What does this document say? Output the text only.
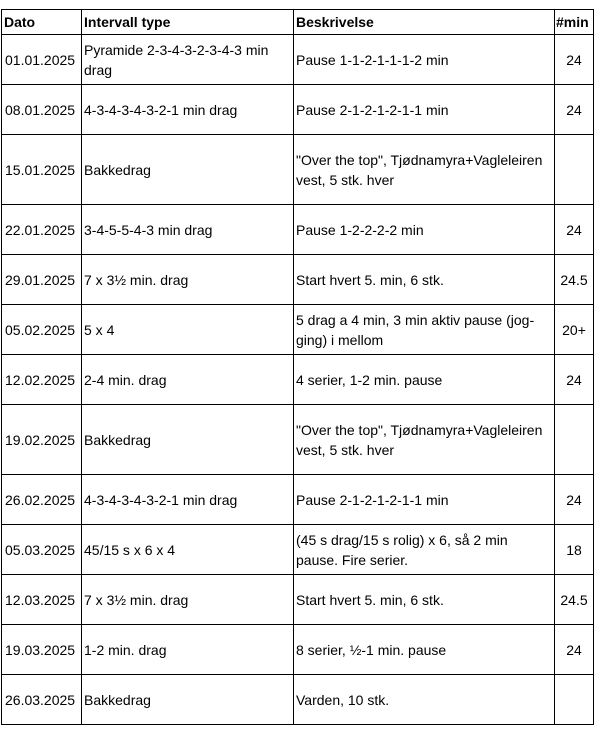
Dato	Intervall type	Beskrivelse	#min
01.01.2025	Pyramide 2-3-4-3-2-3-4-3 min drag	Pause 1-1-2-1-1-1-2 min	24
08.01.2025	4-3-4-3-4-3-2-1 min drag	Pause 2-1-2-1-2-1-1 min	24
15.01.2025	Bakkedrag	"Over the top", Tjødnamyra+Vagleleiren vest, 5 stk. hver	
22.01.2025	3-4-5-5-4-3 min drag	Pause 1-2-2-2-2 min	24
29.01.2025	7 x 3½ min. drag	Start hvert 5. min, 6 stk.	24.5
05.02.2025	5 x 4	5 drag a 4 min, 3 min aktiv pause (jog-ging) i mellom	20+
12.02.2025	2-4 min. drag	4 serier, 1-2 min. pause	24
19.02.2025	Bakkedrag	"Over the top", Tjødnamyra+Vagleleiren vest, 5 stk. hver	
26.02.2025	4-3-4-3-4-3-2-1 min drag	Pause 2-1-2-1-2-1-1 min	24
05.03.2025	45/15 s x 6 x 4	(45 s drag/15 s rolig) x 6, så 2 min pause. Fire serier.	18
12.03.2025	7 x 3½ min. drag	Start hvert 5. min, 6 stk.	24.5
19.03.2025	1-2 min. drag	8 serier, ½-1 min. pause	24
26.03.2025	Bakkedrag	Varden, 10 stk.	
